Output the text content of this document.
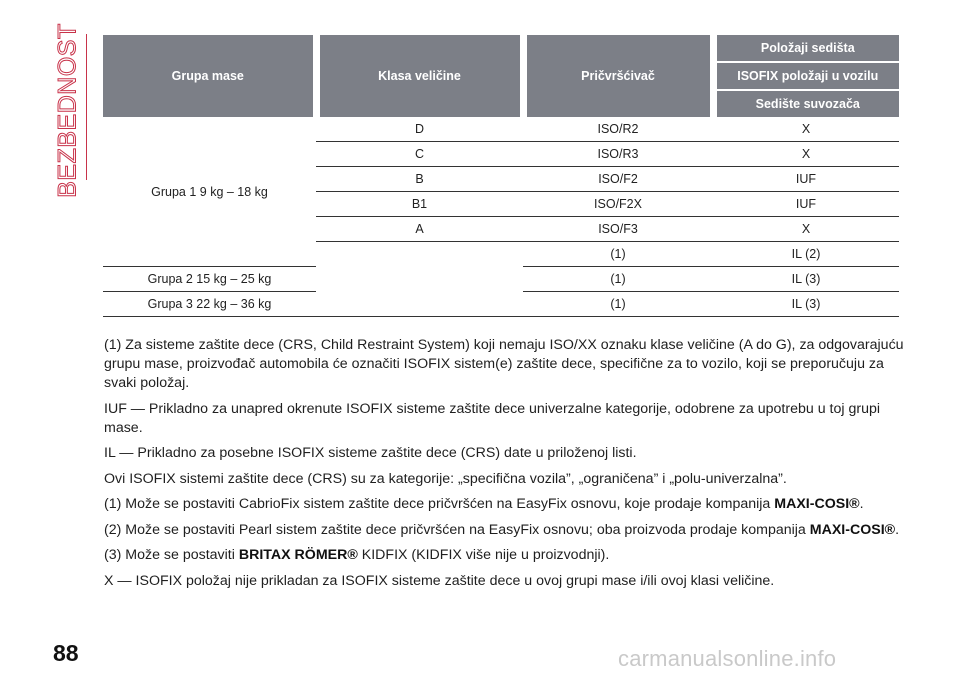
BEZBEDNOST	Grupa mase	Klasa veličine	Pričvršćivač	Položaji sedišta
			ISOFIX položaji u vozilu
			Sedište suvozača
Grupa 1 9 kg – 18 kg	D	ISO/R2	X
	C	ISO/R3	X
	B	ISO/F2	IUF
	B1	ISO/F2X	IUF
	A	ISO/F3	X
		(1)	IL (2)
Grupa 2 15 kg – 25 kg		(1)	IL (3)
Grupa 3 22 kg – 36 kg		(1)	IL (3)

(1) Za sisteme zaštite dece (CRS, Child Restraint System) koji nemaju ISO/XX oznaku klase veličine (A do G), za odgovarajuću grupu mase, proizvođač automobila će označiti ISOFIX sistem(e) zaštite dece, specifične za to vozilo, koji se preporučuju za svaki položaj.

IUF — Prikladno za unapred okrenute ISOFIX sisteme zaštite dece univerzalne kategorije, odobrene za upotrebu u toj grupi mase.

IL — Prikladno za posebne ISOFIX sisteme zaštite dece (CRS) date u priloženoj listi.

Ovi ISOFIX sistemi zaštite dece (CRS) su za kategorije: „specifična vozila”, „ograničena” i „polu-univerzalna”.

(1) Može se postaviti CabrioFix sistem zaštite dece pričvršćen na EasyFix osnovu, koje prodaje kompanija MAXI-COSI®.

(2) Može se postaviti Pearl sistem zaštite dece pričvršćen na EasyFix osnovu; oba proizvoda prodaje kompanija MAXI-COSI®.

(3) Može se postaviti BRITAX RÖMER® KIDFIX (KIDFIX više nije u proizvodnji).

X — ISOFIX položaj nije prikladan za ISOFIX sisteme zaštite dece u ovoj grupi mase i/ili ovoj klasi veličine.

88	carmanualsonline.info
